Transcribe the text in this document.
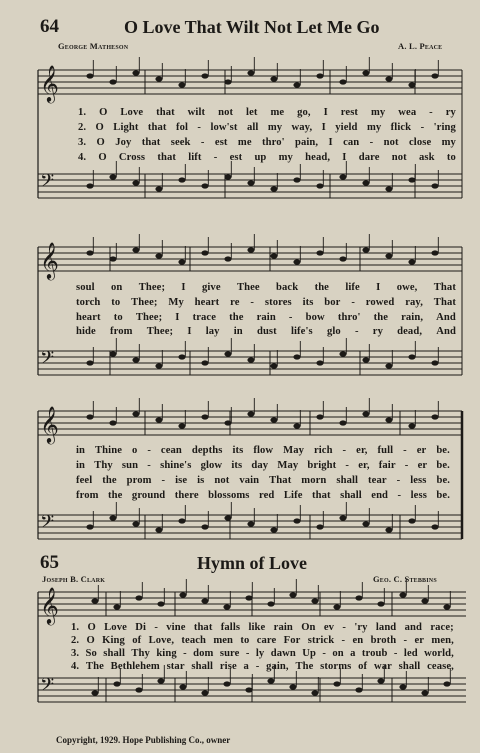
64	O Love That Wilt Not Let Me Go
George Matheson	A. L. Peace
𝄞
𝄢
1. O Love that wilt not let me go, I rest my wea - ry
2. O Light that fol - low'st all my way, I yield my flick - 'ring
3. O Joy that seek - est me thro' pain, I can - not close my
4. O Cross that lift - est up my head, I dare not ask to
𝄞
𝄢
soul on Thee; I give Thee back the life I owe, That
torch to Thee; My heart re - stores its bor - rowed ray, That
heart to Thee; I trace the rain - bow thro' the rain, And
hide from Thee; I lay in dust life's glo - ry dead, And
𝄞
𝄢
in Thine o - cean depths its flow May rich - er, full - er be.
in Thy sun - shine's glow its day May bright - er, fair - er be.
feel the prom - ise is not vain That morn shall tear - less be.
from the ground there blossoms red Life that shall end - less be.
65	Hymn of Love
Joseph B. Clark	Geo. C. Stebbins
𝄞
𝄢
1. O Love Di - vine that falls like rain On ev - 'ry land and race;
2. O King of Love, teach men to care For strick - en broth - er men,
3. So shall Thy king - dom sure - ly dawn Up - on a troub - led world,
4. The Bethlehem star shall rise a - gain, The storms of war shall cease,
Copyright, 1929. Hope Publishing Co., owner
